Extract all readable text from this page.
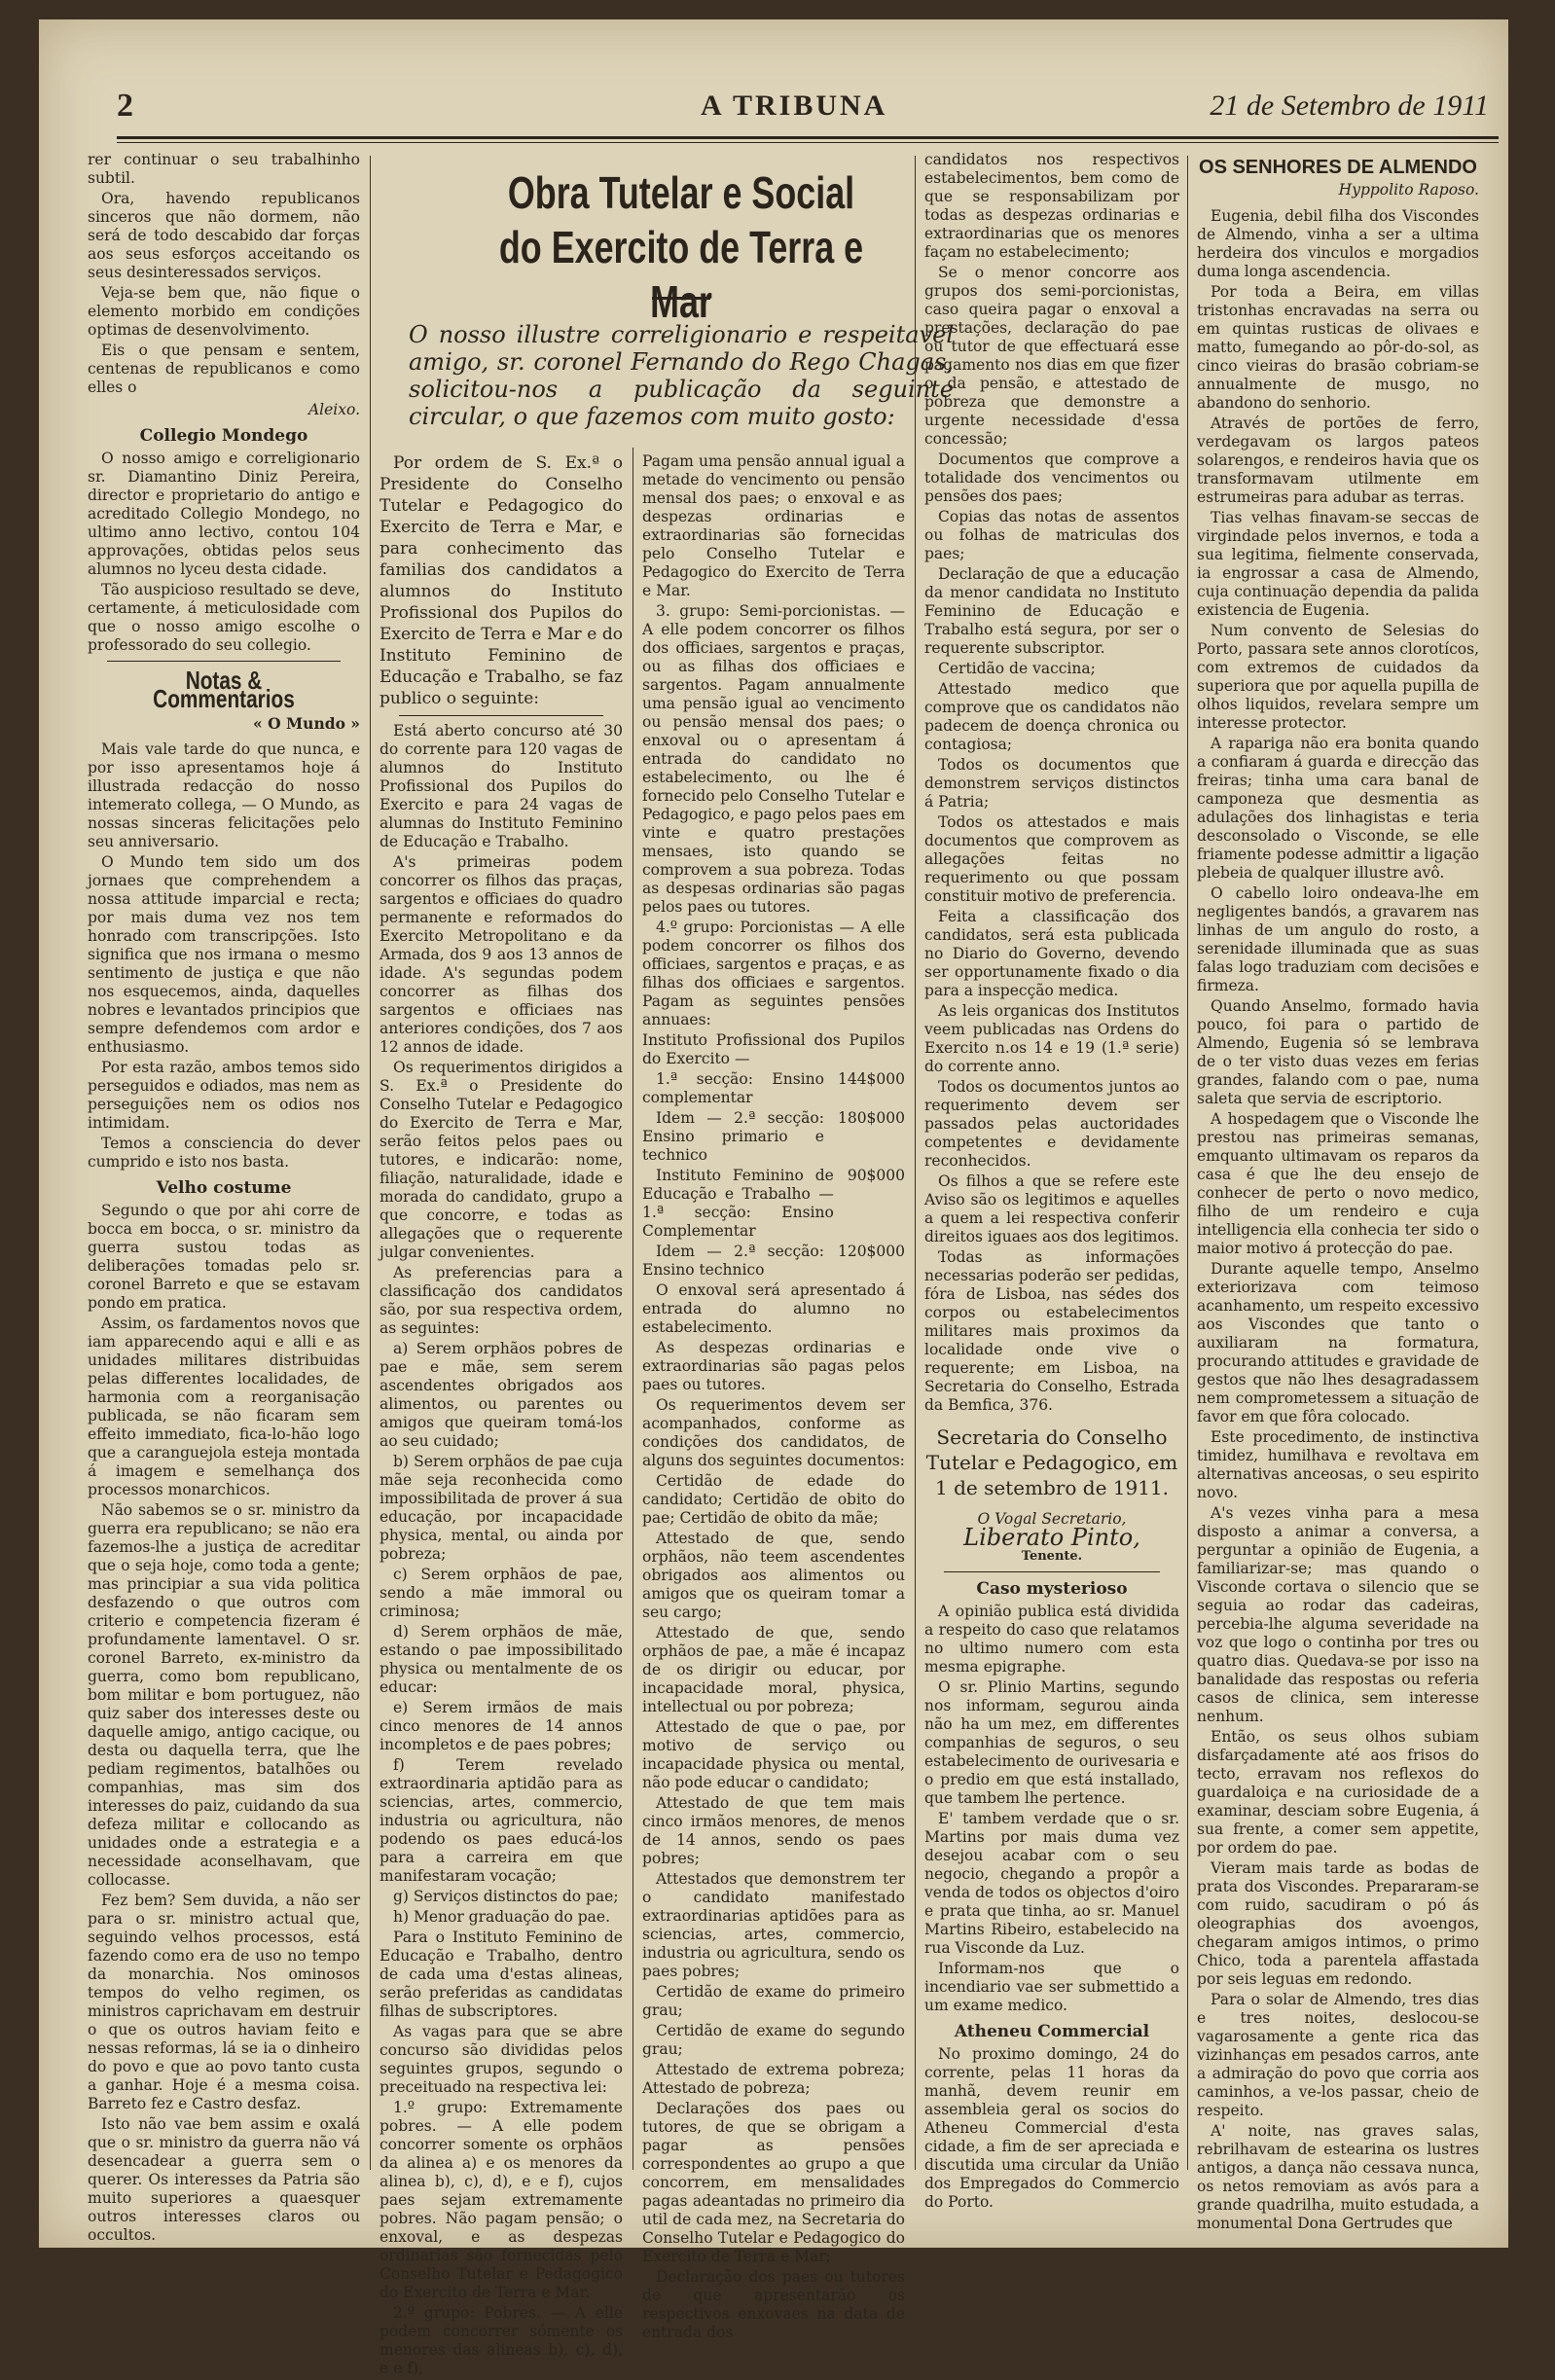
2	A TRIBUNA	21 de Setembro de 1911

rer continuar o seu trabalhinho subtil.

Ora, havendo republicanos sinceros que não dormem, não será de todo descabido dar forças aos seus esforços acceitando os seus desinteressados serviços.

Veja-se bem que, não fique o elemento morbido em condições optimas de desenvolvimento.

Eis o que pensam e sentem, centenas de republicanos e como elles o

Aleixo.
Collegio Mondego

O nosso amigo e correligionario sr. Diamantino Diniz Pereira, director e proprietario do antigo e acreditado Collegio Mondego, no ultimo anno lectivo, contou 104 approvações, obtidas pelos seus alumnos no lyceu desta cidade.

Tão auspicioso resultado se deve, certamente, á meticulosidade com que o nosso amigo escolhe o professorado do seu collegio.

Notas & Commentarios
« O Mundo »

Mais vale tarde do que nunca, e por isso apresentamos hoje á illustrada redacção do nosso intemerato collega, — O Mundo, as nossas sinceras felicitações pelo seu anniversario.

O Mundo tem sido um dos jornaes que comprehendem a nossa attitude imparcial e recta; por mais duma vez nos tem honrado com transcripções. Isto significa que nos irmana o mesmo sentimento de justiça e que não nos esquecemos, ainda, daquelles nobres e levantados principios que sempre defendemos com ardor e enthusiasmo.

Por esta razão, ambos temos sido perseguidos e odiados, mas nem as perseguições nem os odios nos intimidam.

Temos a consciencia do dever cumprido e isto nos basta.

Velho costume

Segundo o que por ahi corre de bocca em bocca, o sr. ministro da guerra sustou todas as deliberações tomadas pelo sr. coronel Barreto e que se estavam pondo em pratica.

Assim, os fardamentos novos que iam apparecendo aqui e alli e as unidades militares distribuidas pelas differentes localidades, de harmonia com a reorganisação publicada, se não ficaram sem effeito immediato, fica-lo-hão logo que a caranguejola esteja montada á imagem e semelhança dos processos monarchicos.

Não sabemos se o sr. ministro da guerra era republicano; se não era fazemos-lhe a justiça de acreditar que o seja hoje, como toda a gente; mas principiar a sua vida politica desfazendo o que outros com criterio e competencia fizeram é profundamente lamentavel. O sr. coronel Barreto, ex-ministro da guerra, como bom republicano, bom militar e bom portuguez, não quiz saber dos interesses deste ou daquelle amigo, antigo cacique, ou desta ou daquella terra, que lhe pediam regimentos, batalhões ou companhias, mas sim dos interesses do paiz, cuidando da sua defeza militar e collocando as unidades onde a estrategia e a necessidade aconselhavam, que collocasse.

Fez bem? Sem duvida, a não ser para o sr. ministro actual que, seguindo velhos processos, está fazendo como era de uso no tempo da monarchia. Nos ominosos tempos do velho regimen, os ministros caprichavam em destruir o que os outros haviam feito e nessas reformas, lá se ia o dinheiro do povo e que ao povo tanto custa a ganhar. Hoje é a mesma coisa. Barreto fez e Castro desfaz.

Isto não vae bem assim e oxalá que o sr. ministro da guerra não vá desencadear a guerra sem o querer. Os interesses da Patria são muito superiores a quaesquer outros interesses claros ou occultos.

Obra Tutelar e Social
do Exercito de Terra e Mar
O nosso illustre correligionario e respeitavel amigo, sr. coronel Fernando do Rego Chagas, solicitou-nos a publicação da seguinte circular, o que fazemos com muito gosto:

Por ordem de S. Ex.ª o Presidente do Conselho Tutelar e Pedagogico do Exercito de Terra e Mar, e para conhecimento das familias dos candidatos a alumnos do Instituto Profissional dos Pupilos do Exercito de Terra e Mar e do Instituto Feminino de Educação e Trabalho, se faz publico o seguinte:

Está aberto concurso até 30 do corrente para 120 vagas de alumnos do Instituto Profissional dos Pupilos do Exercito e para 24 vagas de alumnas do Instituto Feminino de Educação e Trabalho.

A's primeiras podem concorrer os filhos das praças, sargentos e officiaes do quadro permanente e reformados do Exercito Metropolitano e da Armada, dos 9 aos 13 annos de idade. A's segundas podem concorrer as filhas dos sargentos e officiaes nas anteriores condições, dos 7 aos 12 annos de idade.

Os requerimentos dirigidos a S. Ex.ª o Presidente do Conselho Tutelar e Pedagogico do Exercito de Terra e Mar, serão feitos pelos paes ou tutores, e indicarão: nome, filiação, naturalidade, idade e morada do candidato, grupo a que concorre, e todas as allegações que o requerente julgar convenientes.

As preferencias para a classificação dos candidatos são, por sua respectiva ordem, as seguintes:

a) Serem orphãos pobres de pae e mãe, sem serem ascendentes obrigados aos alimentos, ou parentes ou amigos que queiram tomá-los ao seu cuidado;

b) Serem orphãos de pae cuja mãe seja reconhecida como impossibilitada de prover á sua educação, por incapacidade physica, mental, ou ainda por pobreza;

c) Serem orphãos de pae, sendo a mãe immoral ou criminosa;

d) Serem orphãos de mãe, estando o pae impossibilitado physica ou mentalmente de os educar:

e) Serem irmãos de mais cinco menores de 14 annos incompletos e de paes pobres;

f) Terem revelado extraordinaria aptidão para as sciencias, artes, commercio, industria ou agricultura, não podendo os paes educá-los para a carreira em que manifestaram vocação;

g) Serviços distinctos do pae;

h) Menor graduação do pae.

Para o Instituto Feminino de Educação e Trabalho, dentro de cada uma d'estas alineas, serão preferidas as candidatas filhas de subscriptores.

As vagas para que se abre concurso são divididas pelos seguintes grupos, segundo o preceituado na respectiva lei:

1.º grupo: Extremamente pobres. — A elle podem concorrer somente os orphãos da alinea a) e os menores da alinea b), c), d), e e f), cujos paes sejam extremamente pobres. Não pagam pensão; o enxoval, e as despezas ordinarias são fornecidas pelo Conselho Tutelar e Pedagogico do Exercito de Terra e Mar.

2.º grupo: Pobres. — A elle podem concorrer sómente os menores das alineas b), c), d), e e f),

Pagam uma pensão annual igual a metade do vencimento ou pensão mensal dos paes; o enxoval e as despezas ordinarias e extraordinarias são fornecidas pelo Conselho Tutelar e Pedagogico do Exercito de Terra e Mar.

3. grupo: Semi-porcionistas. — A elle podem concorrer os filhos dos officiaes, sargentos e praças, ou as filhas dos officiaes e sargentos. Pagam annualmente uma pensão igual ao vencimento ou pensão mensal dos paes; o enxoval ou o apresentam á entrada do candidato no estabelecimento, ou lhe é fornecido pelo Conselho Tutelar e Pedagogico, e pago pelos paes em vinte e quatro prestações mensaes, isto quando se comprovem a sua pobreza. Todas as despesas ordinarias são pagas pelos paes ou tutores.

4.º grupo: Porcionistas — A elle podem concorrer os filhos dos officiaes, sargentos e praças, e as filhas dos officiaes e sargentos. Pagam as seguintes pensões annuaes:

Instituto Profissional dos Pupilos do Exercito —

1.ª secção: Ensino complementar
144$000

Idem — 2.ª secção: Ensino primario e technico
180$000

Instituto Feminino de Educação e Trabalho — 1.ª secção: Ensino Complementar
90$000

Idem — 2.ª secção: Ensino technico
120$000

O enxoval será apresentado á entrada do alumno no estabelecimento.

As despezas ordinarias e extraordinarias são pagas pelos paes ou tutores.

Os requerimentos devem ser acompanhados, conforme as condições dos candidatos, de alguns dos seguintes documentos:

Certidão de edade do candidato; Certidão de obito do pae; Certidão de obito da mãe;

Attestado de que, sendo orphãos, não teem ascendentes obrigados aos alimentos ou amigos que os queiram tomar a seu cargo;

Attestado de que, sendo orphãos de pae, a mãe é incapaz de os dirigir ou educar, por incapacidade moral, physica, intellectual ou por pobreza;

Attestado de que o pae, por motivo de serviço ou incapacidade physica ou mental, não pode educar o candidato;

Attestado de que tem mais cinco irmãos menores, de menos de 14 annos, sendo os paes pobres;

Attestados que demonstrem ter o candidato manifestado extraordinarias aptidões para as sciencias, artes, commercio, industria ou agricultura, sendo os paes pobres;

Certidão de exame do primeiro grau;

Certidão de exame do segundo grau;

Attestado de extrema pobreza; Attestado de pobreza;

Declarações dos paes ou tutores, de que se obrigam a pagar as pensões correspondentes ao grupo a que concorrem, em mensalidades pagas adeantadas no primeiro dia util de cada mez, na Secretaria do Conselho Tutelar e Pedagogico do Exercito de Terra e Mar;

Declaração dos paes ou tutores de que apresentarão os respectivos enxovaes na data de entrada dos

candidatos nos respectivos estabelecimentos, bem como de que se responsabilizam por todas as despezas ordinarias e extraordinarias que os menores façam no estabelecimento;

Se o menor concorre aos grupos dos semi-porcionistas, caso queira pagar o enxoval a prestações, declaração do pae ou tutor de que effectuará esse pagamento nos dias em que fizer o da pensão, e attestado de pobreza que demonstre a urgente necessidade d'essa concessão;

Documentos que comprove a totalidade dos vencimentos ou pensões dos paes;

Copias das notas de assentos ou folhas de matriculas dos paes;

Declaração de que a educação da menor candidata no Instituto Feminino de Educação e Trabalho está segura, por ser o requerente subscriptor.

Certidão de vaccina;

Attestado medico que comprove que os candidatos não padecem de doença chronica ou contagiosa;

Todos os documentos que demonstrem serviços distinctos á Patria;

Todos os attestados e mais documentos que comprovem as allegações feitas no requerimento ou que possam constituir motivo de preferencia.

Feita a classificação dos candidatos, será esta publicada no Diario do Governo, devendo ser opportunamente fixado o dia para a inspecção medica.

As leis organicas dos Institutos veem publicadas nas Ordens do Exercito n.os 14 e 19 (1.ª serie) do corrente anno.

Todos os documentos juntos ao requerimento devem ser passados pelas auctoridades competentes e devidamente reconhecidos.

Os filhos a que se refere este Aviso são os legitimos e aquelles a quem a lei respectiva conferir direitos iguaes aos dos legitimos.

Todas as informações necessarias poderão ser pedidas, fóra de Lisboa, nas sédes dos corpos ou estabelecimentos militares mais proximos da localidade onde vive o requerente; em Lisboa, na Secretaria do Conselho, Estrada da Bemfica, 376.

Secretaria do Conselho Tutelar e Pedagogico, em 1 de setembro de 1911.
O Vogal Secretario,
Liberato Pinto,
Tenente.
Caso mysterioso

A opinião publica está dividida a respeito do caso que relatamos no ultimo numero com esta mesma epigraphe.

O sr. Plinio Martins, segundo nos informam, segurou ainda não ha um mez, em differentes companhias de seguros, o seu estabelecimento de ourivesaria e o predio em que está installado, que tambem lhe pertence.

E' tambem verdade que o sr. Martins por mais duma vez desejou acabar com o seu negocio, chegando a propôr a venda de todos os objectos d'oiro e prata que tinha, ao sr. Manuel Martins Ribeiro, estabelecido na rua Visconde da Luz.

Informam-nos que o incendiario vae ser submettido a um exame medico.

Atheneu Commercial

No proximo domingo, 24 do corrente, pelas 11 horas da manhã, devem reunir em assembleia geral os socios do Atheneu Commercial d'esta cidade, a fim de ser apreciada e discutida uma circular da União dos Empregados do Commercio do Porto.

OS SENHORES DE ALMENDO
Hyppolito Raposo.

Eugenia, debil filha dos Viscondes de Almendo, vinha a ser a ultima herdeira dos vinculos e morgadios duma longa ascendencia.

Por toda a Beira, em villas tristonhas encravadas na serra ou em quintas rusticas de olivaes e matto, fumegando ao pôr-do-sol, as cinco vieiras do brasão cobriam-se annualmente de musgo, no abandono do senhorio.

Através de portões de ferro, verdegavam os largos pateos solarengos, e rendeiros havia que os transformavam utilmente em estrumeiras para adubar as terras.

Tias velhas finavam-se seccas de virgindade pelos invernos, e toda a sua legitima, fielmente conservada, ia engrossar a casa de Almendo, cuja continuação dependia da palida existencia de Eugenia.

Num convento de Selesias do Porto, passara sete annos clorotícos, com extremos de cuidados da superiora que por aquella pupilla de olhos liquidos, revelara sempre um interesse protector.

A rapariga não era bonita quando a confiaram á guarda e direcção das freiras; tinha uma cara banal de camponeza que desmentia as adulações dos linhagistas e teria desconsolado o Visconde, se elle friamente podesse admittir a ligação plebeia de qualquer illustre avô.

O cabello loiro ondeava-lhe em negligentes bandós, a gravarem nas linhas de um angulo do rosto, a serenidade illuminada que as suas falas logo traduziam com decisões e firmeza.

Quando Anselmo, formado havia pouco, foi para o partido de Almendo, Eugenia só se lembrava de o ter visto duas vezes em ferias grandes, falando com o pae, numa saleta que servia de escriptorio.

A hospedagem que o Visconde lhe prestou nas primeiras semanas, emquanto ultimavam os reparos da casa é que lhe deu ensejo de conhecer de perto o novo medico, filho de um rendeiro e cuja intelligencia ella conhecia ter sido o maior motivo á protecção do pae.

Durante aquelle tempo, Anselmo exteriorizava com teimoso acanhamento, um respeito excessivo aos Viscondes que tanto o auxiliaram na formatura, procurando attitudes e gravidade de gestos que não lhes desagradassem nem comprometessem a situação de favor em que fôra colocado.

Este procedimento, de instinctiva timidez, humilhava e revoltava em alternativas anceosas, o seu espirito novo.

A's vezes vinha para a mesa disposto a animar a conversa, a perguntar a opinião de Eugenia, a familiarizar-se; mas quando o Visconde cortava o silencio que se seguia ao rodar das cadeiras, percebia-lhe alguma severidade na voz que logo o continha por tres ou quatro dias. Quedava-se por isso na banalidade das respostas ou referia casos de clinica, sem interesse nenhum.

Então, os seus olhos subiam disfarçadamente até aos frisos do tecto, erravam nos reflexos do guardaloiça e na curiosidade de a examinar, desciam sobre Eugenia, á sua frente, a comer sem appetite, por ordem do pae.

Vieram mais tarde as bodas de prata dos Viscondes. Prepararam-se com ruido, sacudiram o pó ás oleographias dos avoengos, chegaram amigos intimos, o primo Chico, toda a parentela affastada por seis leguas em redondo.

Para o solar de Almendo, tres dias e tres noites, deslocou-se vagarosamente a gente rica das vizinhanças em pesados carros, ante a admiração do povo que corria aos caminhos, a ve-los passar, cheio de respeito.

A' noite, nas graves salas, rebrilhavam de estearina os lustres antigos, a dança não cessava nunca, os netos removiam as avós para a grande quadrilha, muito estudada, a monumental Dona Gertrudes que
